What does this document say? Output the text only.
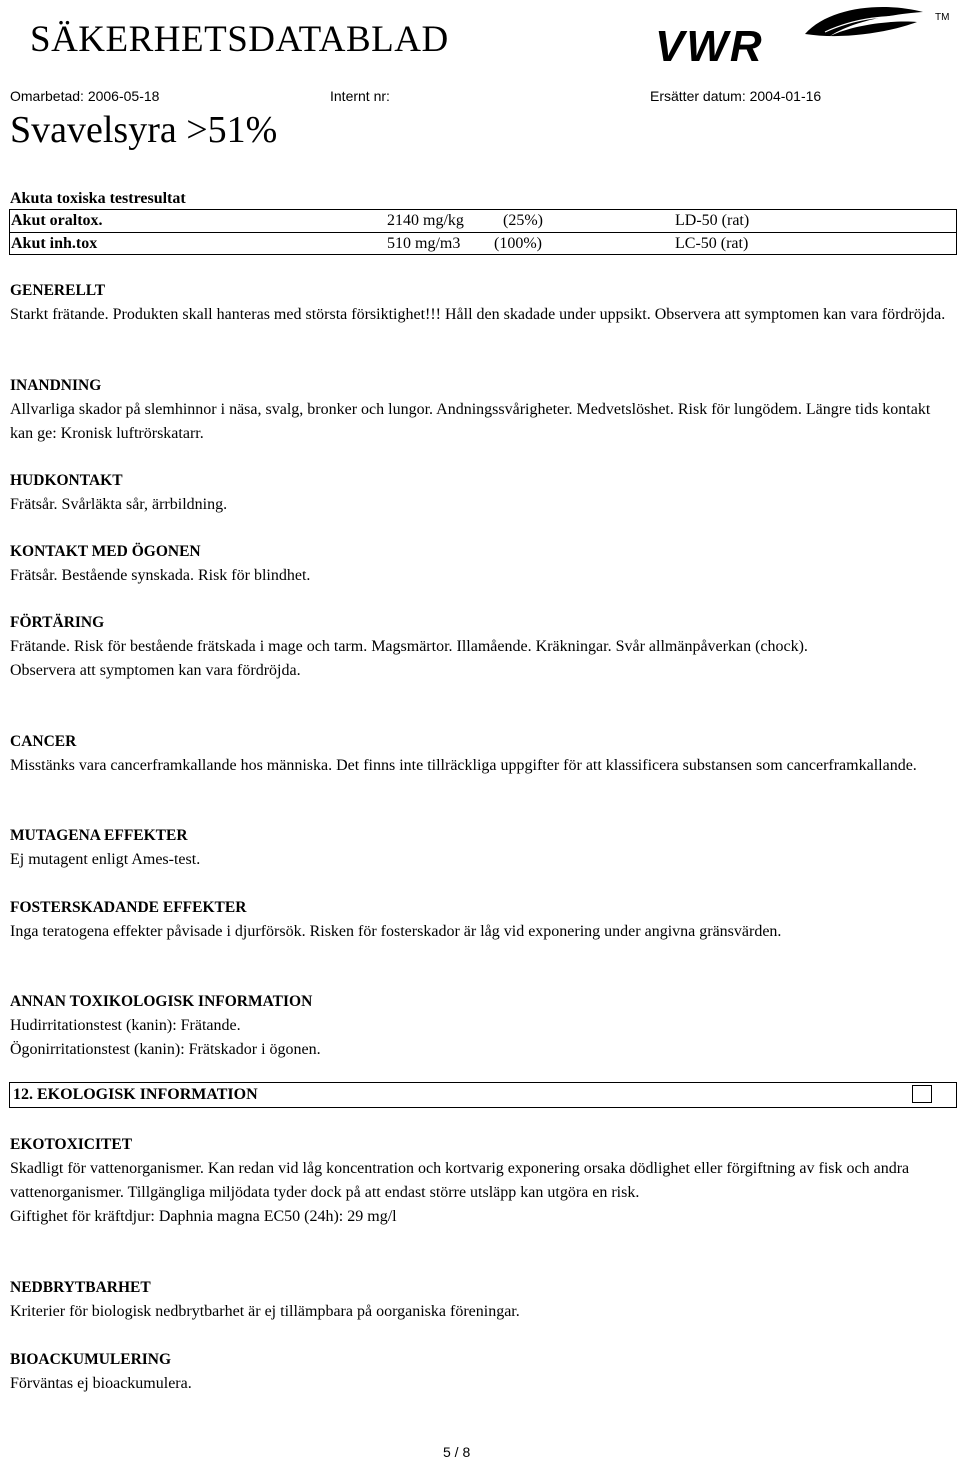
SÄKERHETSDATABLAD	VWR
TM
Omarbetad: 2006-05-18	Internt nr:	Ersätter datum: 2004-01-16
Svavelsyra >51%
Akuta toxiska testresultat
Akut oraltox.	2140 mg/kg (25%)	LD-50 (rat)
Akut inh.tox	510 mg/m3 (100%)	LC-50 (rat)
GENERELLT
Starkt frätande. Produkten skall hanteras med största försiktighet!!! Håll den skadade under uppsikt. Observera att symptomen kan vara fördröjda.
INANDNING
Allvarliga skador på slemhinnor i näsa, svalg, bronker och lungor. Andningssvårigheter. Medvetslöshet. Risk för lungödem. Längre tids kontakt kan ge: Kronisk luftrörskatarr.
HUDKONTAKT
Frätsår. Svårläkta sår, ärrbildning.
KONTAKT MED ÖGONEN
Frätsår. Bestående synskada. Risk för blindhet.
FÖRTÄRING
Frätande. Risk för bestående frätskada i mage och tarm. Magsmärtor. Illamående. Kräkningar. Svår allmänpåverkan (chock).
Observera att symptomen kan vara fördröjda.
CANCER
Misstänks vara cancerframkallande hos människa. Det finns inte tillräckliga uppgifter för att klassificera substansen som cancerframkallande.
MUTAGENA EFFEKTER
Ej mutagent enligt Ames-test.
FOSTERSKADANDE EFFEKTER
Inga teratogena effekter påvisade i djurförsök. Risken för fosterskador är låg vid exponering under angivna gränsvärden.
ANNAN TOXIKOLOGISK INFORMATION
Hudirritationstest (kanin): Frätande.
Ögonirritationstest (kanin): Frätskador i ögonen.
12. EKOLOGISK INFORMATION
EKOTOXICITET
Skadligt för vattenorganismer. Kan redan vid låg koncentration och kortvarig exponering orsaka dödlighet eller förgiftning av fisk och andra vattenorganismer. Tillgängliga miljödata tyder dock på att endast större utsläpp kan utgöra en risk.
Giftighet för kräftdjur: Daphnia magna EC50 (24h): 29 mg/l
NEDBRYTBARHET
Kriterier för biologisk nedbrytbarhet är ej tillämpbara på oorganiska föreningar.
BIOACKUMULERING
Förväntas ej bioackumulera.
5 / 8
